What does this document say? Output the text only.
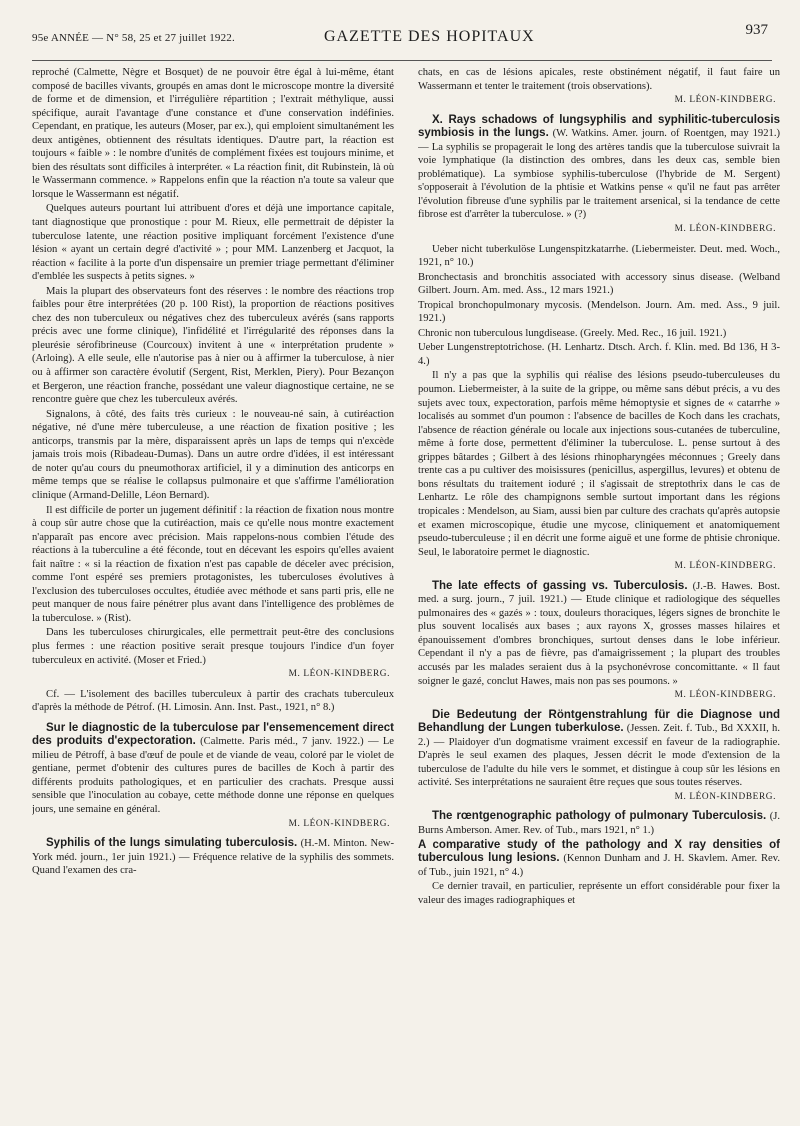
95e ANNÉE — N° 58, 25 et 27 juillet 1922.	GAZETTE DES HOPITAUX	937

reproché (Calmette, Nègre et Bosquet) de ne pouvoir être égal à lui-même, étant composé de bacilles vivants, groupés en amas dont le microscope montre la diversité de forme et de dimension, et l'irrégulière répartition ; l'extrait méthylique, aussi spécifique, aurait l'avantage d'une constance et d'une conservation indéfinies. Cependant, en pratique, les auteurs (Moser, par ex.), qui emploient simultanément les deux antigènes, obtiennent des résultats identiques. D'autre part, la réaction est toujours « faible » : le nombre d'unités de complément fixées est toujours minime, et bien des résultats sont difficiles à interpréter. « La réaction finit, dit Rubinstein, là où le Wassermann commence. » Rappelons enfin que la réaction n'a toute sa valeur que lorsque le Wassermann est négatif.

Quelques auteurs pourtant lui attribuent d'ores et déjà une importance capitale, tant diagnostique que pronostique : pour M. Rieux, elle permettrait de dépister la tuberculose latente, une réaction positive impliquant forcément l'existence d'une lésion « ayant un certain degré d'activité » ; pour MM. Lanzenberg et Jacquot, la réaction « facilite à la porte d'un dispensaire un premier triage permettant d'éliminer d'emblée les suspects à petits signes. »

Mais la plupart des observateurs font des réserves : le nombre des réactions trop faibles pour être interprétées (20 p. 100 Rist), la proportion de réactions positives chez des non tuberculeux ou négatives chez des tuberculeux avérés (sans rapports précis avec une forme clinique), l'infidélité et l'irrégularité des réponses dans la pleurésie sérofibrineuse (Courcoux) invitent à une « interprétation prudente » (Arloing). A elle seule, elle n'autorise pas à nier ou à affirmer la tuberculose, à nier ou à affirmer son caractère évolutif (Sergent, Rist, Merklen, Piery). Pour Bezançon et Bergeron, une réaction franche, possédant une valeur diagnostique certaine, ne se rencontre guère que chez les tuberculeux avérés.

Signalons, à côté, des faits très curieux : le nouveau-né sain, à cutiréaction négative, né d'une mère tuberculeuse, a une réaction de fixation positive ; les anticorps, transmis par la mère, disparaissent après un laps de temps qui n'excède jamais trois mois (Ribadeau-Dumas). Dans un autre ordre d'idées, il est intéressant de noter qu'au cours du pneumothorax artificiel, il y a diminution des anticorps en même temps que se réalise le collapsus pulmonaire et que s'affirme l'amélioration clinique (Armand-Delille, Léon Bernard).

Il est difficile de porter un jugement définitif : la réaction de fixation nous montre à coup sûr autre chose que la cutiréaction, mais ce qu'elle nous montre exactement n'apparaît pas encore avec précision. Mais rappelons-nous combien l'étude des réactions à la tuberculine a été féconde, tout en décevant les espoirs qu'elles avaient fait naître : « si la réaction de fixation n'est pas capable de déceler avec précision, comme l'ont espéré ses premiers protagonistes, les tuberculoses évolutives à l'exclusion des tuberculoses occultes, étudiée avec méthode et sans parti pris, elle ne peut manquer de nous faire pénétrer plus avant dans l'intelligence des problèmes de la tuberculose. » (Rist).

Dans les tuberculoses chirurgicales, elle permettrait peut-être des conclusions plus fermes : une réaction positive serait presque toujours l'indice d'un foyer tuberculeux en activité. (Moser et Fried.)

M. LÉON-KINDBERG.

Cf. — L'isolement des bacilles tuberculeux à partir des crachats tuberculeux d'après la méthode de Pétrof. (H. Limosin. Ann. Inst. Past., 1921, n° 8.)

Sur le diagnostic de la tuberculose par l'ensemencement direct des produits d'expectoration. (Calmette. Paris méd., 7 janv. 1922.) — Le milieu de Pétroff, à base d'œuf de poule et de viande de veau, coloré par le violet de gentiane, permet d'obtenir des cultures pures de bacilles de Koch à partir des différents produits pathologiques, et en particulier des crachats. Presque aussi sensible que l'inoculation au cobaye, cette méthode donne une réponse en quelques jours, une semaine en général.

M. LÉON-KINDBERG.

Syphilis of the lungs simulating tuberculosis. (H.-M. Minton. New-York méd. journ., 1er juin 1921.) — Fréquence relative de la syphilis des sommets. Quand l'examen des cra-

chats, en cas de lésions apicales, reste obstinément négatif, il faut faire un Wassermann et tenter le traitement (trois observations).

M. LÉON-KINDBERG.

X. Rays schadows of lungsyphilis and syphilitic-tuberculosis symbiosis in the lungs. (W. Watkins. Amer. journ. of Roentgen, may 1921.) — La syphilis se propagerait le long des artères tandis que la tuberculose suivrait la voie lymphatique (la distinction des ombres, dans les deux cas, semble bien problématique). La symbiose syphilis-tuberculose (l'hybride de M. Sergent) s'opposerait à l'évolution de la phtisie et Watkins pense « qu'il ne faut pas arrêter l'évolution fibreuse d'une syphilis par le traitement arsenical, si la tendance de cette fibrose est d'arrêter la tuberculose. » (?)

M. LÉON-KINDBERG.

Ueber nicht tuberkulöse Lungenspitzkatarrhe. (Liebermeister. Deut. med. Woch., 1921, n° 10.)

Bronchectasis and bronchitis associated with accessory sinus disease. (Welband Gilbert. Journ. Am. med. Ass., 12 mars 1921.)

Tropical bronchopulmonary mycosis. (Mendelson. Journ. Am. med. Ass., 9 juil. 1921.)

Chronic non tuberculous lungdisease. (Greely. Med. Rec., 16 juil. 1921.)

Ueber Lungenstreptotrichose. (H. Lenhartz. Dtsch. Arch. f. Klin. med. Bd 136, H 3-4.)

Il n'y a pas que la syphilis qui réalise des lésions pseudo-tuberculeuses du poumon. Liebermeister, à la suite de la grippe, ou même sans début précis, a vu des sujets avec toux, expectoration, parfois même hémoptysie et signes de « catarrhe » localisés au sommet d'un poumon : l'absence de bacilles de Koch dans les crachats, l'absence de réaction générale ou locale aux injections sous-cutanées de tuberculine, même à forte dose, permettent d'éliminer la tuberculose. L. pense surtout à des grippes bâtardes ; Gilbert à des lésions rhinopharyngées méconnues ; Greely dans trente cas a pu cultiver des moisissures (penicillus, aspergillus, levures) et obtenu de bons résultats du traitement ioduré ; il s'agissait de streptothrix dans le cas de Lenhartz. Le rôle des champignons semble surtout important dans les régions tropicales : Mendelson, au Siam, aussi bien par culture des crachats qu'après autopsie et examen microscopique, étudie une mycose, cliniquement et anatomiquement pseudo-tuberculeuse ; il en décrit une forme aiguë et une forme de phtisie chronique. Seul, le laboratoire permet le diagnostic.

M. LÉON-KINDBERG.

The late effects of gassing vs. Tuberculosis. (J.-B. Hawes. Bost. med. a surg. journ., 7 juil. 1921.) — Etude clinique et radiologique des séquelles pulmonaires des « gazés » : toux, douleurs thoraciques, légers signes de bronchite le plus souvent localisés aux bases ; aux rayons X, grosses masses hilaires et épanouissement d'ombres bronchiques, surtout denses dans le lobe inférieur. Cependant il n'y a pas de fièvre, pas d'amaigrissement ; la plupart des troubles accusés par les malades seraient dus à la psychonévrose concomittante. « Il faut soigner le gazé, conclut Hawes, mais non pas ses poumons. »

M. LÉON-KINDBERG.

Die Bedeutung der Röntgenstrahlung für die Diagnose und Behandlung der Lungen tuberkulose. (Jessen. Zeit. f. Tub., Bd XXXII, h. 2.) — Plaidoyer d'un dogmatisme vraiment excessif en faveur de la radiographie. D'après le seul examen des plaques, Jessen décrit le mode d'extension de la tuberculose de l'adulte du hile vers le sommet, et distingue à coup sûr les lésions en activité. Ses interprétations ne sauraient être reçues que sous toutes réserves.

M. LÉON-KINDBERG.

The rœntgenographic pathology of pulmonary Tuberculosis. (J. Burns Amberson. Amer. Rev. of Tub., mars 1921, n° 1.)

A comparative study of the pathology and X ray densities of tuberculous lung lesions. (Kennon Dunham and J. H. Skavlem. Amer. Rev. of Tub., juin 1921, n° 4.)

Ce dernier travail, en particulier, représente un effort considérable pour fixer la valeur des images radiographiques et
